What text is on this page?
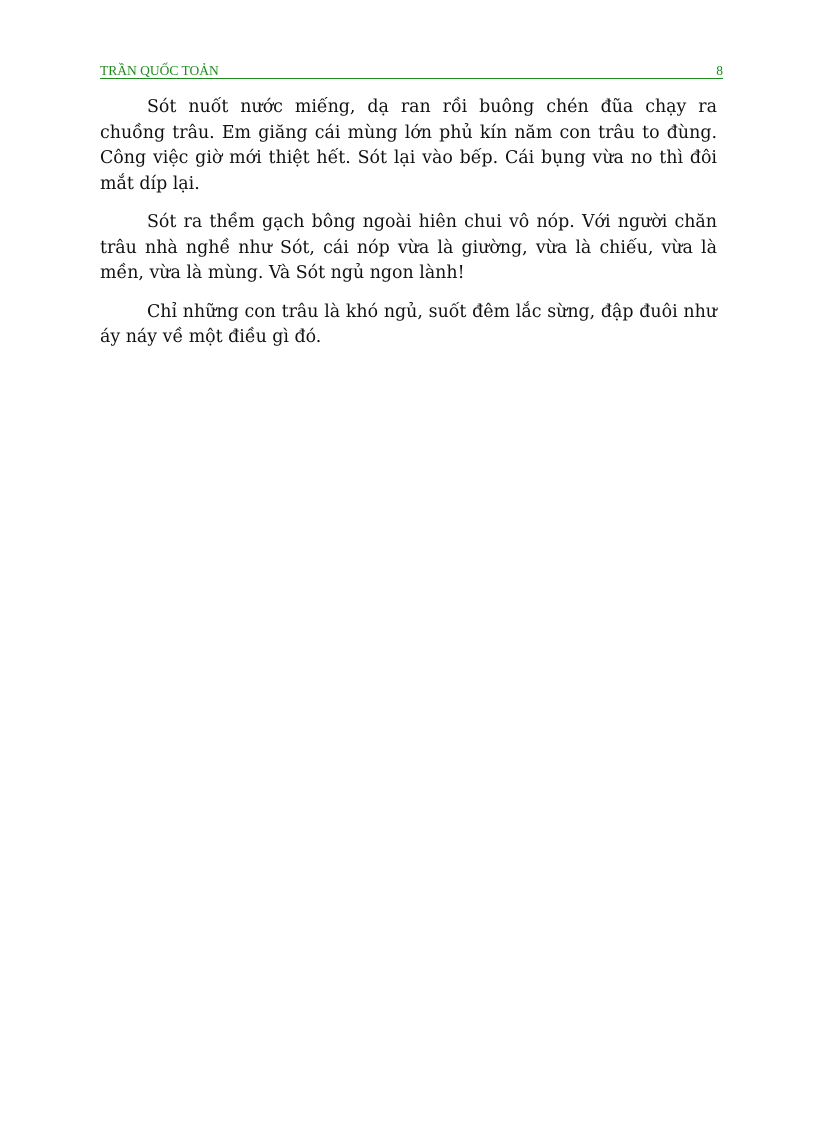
TRẦN QUỐC TOẢN	8

Sót nuốt nước miếng, dạ ran rồi buông chén đũa chạy ra chuồng trâu. Em giăng cái mùng lớn phủ kín năm con trâu to đùng. Công việc giờ mới thiệt hết. Sót lại vào bếp. Cái bụng vừa no thì đôi mắt díp lại.

Sót ra thềm gạch bông ngoài hiên chui vô nóp. Với người chăn trâu nhà nghề như Sót, cái nóp vừa là giường, vừa là chiếu, vừa là mền, vừa là mùng. Và Sót ngủ ngon lành!

Chỉ những con trâu là khó ngủ, suốt đêm lắc sừng, đập đuôi như áy náy về một điều gì đó.
